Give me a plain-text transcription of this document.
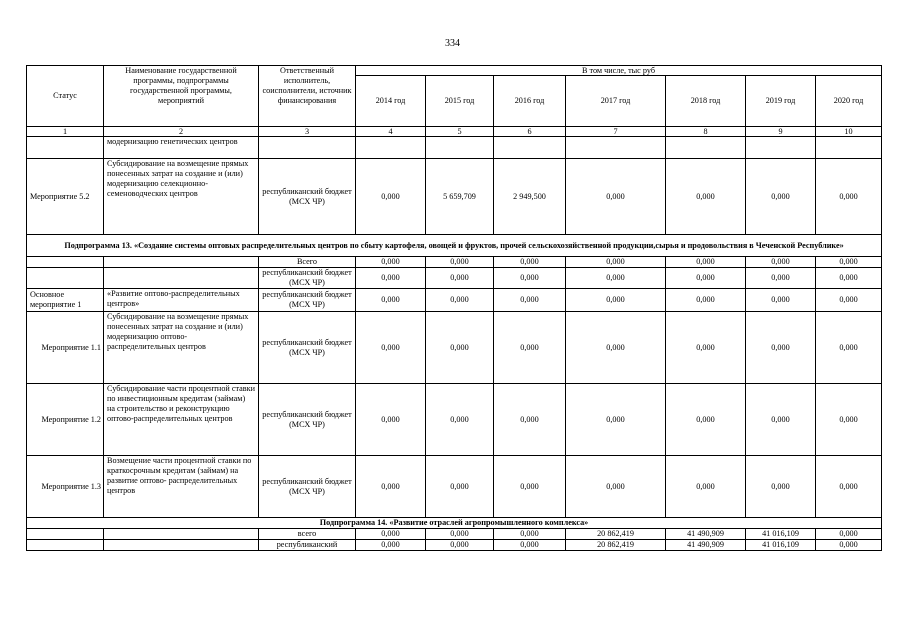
334
Статус	Наименование государственной программы, подпрограммы государственной программы, мероприятий	Ответственный исполнитель, соисполнители, источник финансирования	В том числе, тыс руб						
			2014 год	2015 год	2016 год	2017 год	2018 год	2019 год	2020 год
1	2	3	4	5	6	7	8	9	10
	модернизацию генетических центров								
Мероприятие 5.2	Субсидирование на возмещение прямых понесенных затрат на создание и (или) модернизацию селекционно-семеноводческих центров	республиканский бюджет (МСХ ЧР)	0,000	5 659,709	2 949,500	0,000	0,000	0,000	0,000
Подпрограмма 13. «Создание системы оптовых распределительных центров по сбыту картофеля, овощей и фруктов, прочей сельскохозяйственной продукции,сырья и продовольствия в Чеченской Республике»									
		Всего	0,000	0,000	0,000	0,000	0,000	0,000	0,000
		республиканский бюджет (МСХ ЧР)	0,000	0,000	0,000	0,000	0,000	0,000	0,000
Основное мероприятие 1	«Развитие оптово-распределительных центров»	республиканский бюджет (МСХ ЧР)	0,000	0,000	0,000	0,000	0,000	0,000	0,000
Мероприятие 1.1	Субсидирование на возмещение прямых понесенных затрат на создание и (или) модернизацию оптово-распределительных центров	республиканский бюджет (МСХ ЧР)	0,000	0,000	0,000	0,000	0,000	0,000	0,000
Мероприятие 1.2	Субсидирование части процентной ставки по инвестиционным кредитам (займам) на строительство и реконструкцию оптово-распределительных центров	республиканский бюджет (МСХ ЧР)	0,000	0,000	0,000	0,000	0,000	0,000	0,000
Мероприятие 1.3	Возмещение части процентной ставки по краткосрочным кредитам (займам) на развитие оптово- распределительных центров	республиканский бюджет (МСХ ЧР)	0,000	0,000	0,000	0,000	0,000	0,000	0,000
Подпрограмма 14. «Развитие отраслей агропромышленного комплекса»									
		всего	0,000	0,000	0,000	20 862,419	41 490,909	41 016,109	0,000
		республиканский	0,000	0,000	0,000	20 862,419	41 490,909	41 016,109	0,000
